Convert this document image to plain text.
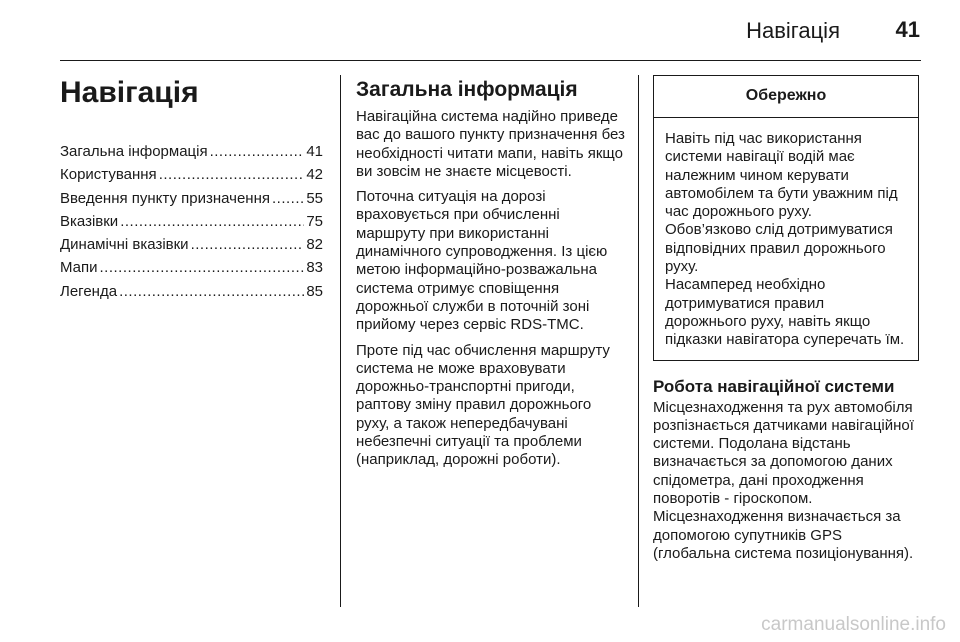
Навігація	41
Навігація
Загальна інформація .....	41
Користування .....	42
Введення пункту призначення ..... 55
Вказівки .....	75
Динамічні вказівки .....	82
Мапи .....	83
Легенда .....	85
Загальна інформація

Навігаційна система надійно приведе вас до вашого пункту призначення без необхідності читати мапи, навіть якщо ви зовсім не знаєте місцевості.

Поточна ситуація на дорозі враховується при обчисленні маршруту при використанні динамічного супроводження. Із цією метою інформаційно-розважальна система отримує сповіщення дорожньої служби в поточній зоні прийому через сервіс RDS-TMC.

Проте під час обчислення маршруту система не може враховувати дорожньо-транспортні пригоди, раптову зміну правил дорожнього руху, а також непередбачувані небезпечні ситуації та проблеми (наприклад, дорожні роботи).

Обережно

Навіть під час використання системи навігації водій має належним чином керувати автомобілем та бути уважним під час дорожнього руху.

Обов’язково слід дотримуватися відповідних правил дорожнього руху.

Насамперед необхідно дотримуватися правил дорожнього руху, навіть якщо підказки навігатора суперечать їм.

Робота навігаційної системи

Місцезнаходження та рух автомобіля розпізнається датчиками навігаційної системи. Подолана відстань визначається за допомогою даних спідометра, дані проходження поворотів - гіроскопом. Місцезнаходження визначається за допомогою супутників GPS (глобальна система позиціонування).

carmanualsonline.info
